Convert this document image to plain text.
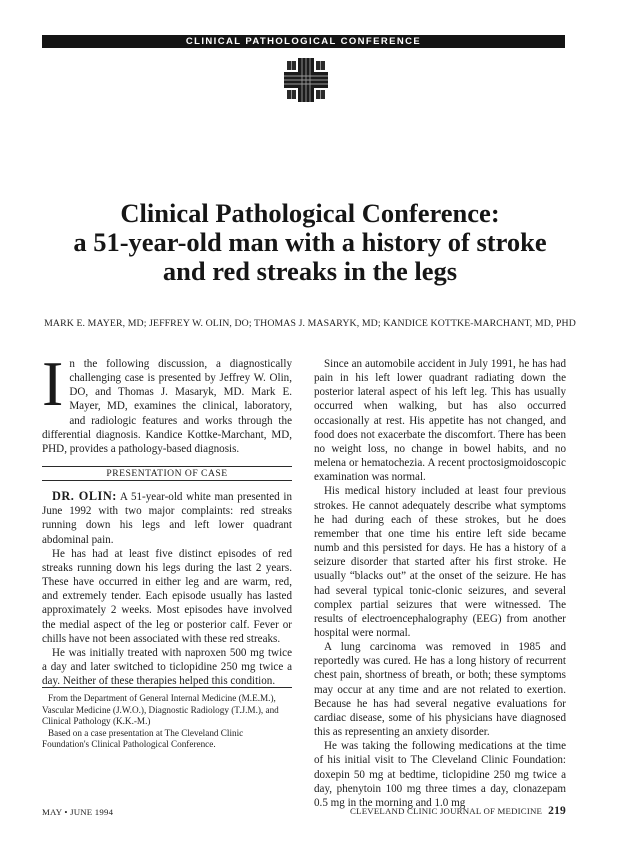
CLINICAL PATHOLOGICAL CONFERENCE
Clinical Pathological Conference:
a 51-year-old man with a history of stroke
and red streaks in the legs
MARK E. MAYER, MD; JEFFREY W. OLIN, DO; THOMAS J. MASARYK, MD; KANDICE KOTTKE-MARCHANT, MD, PHD

In the following discussion, a diagnostically challenging case is presented by Jeffrey W. Olin, DO, and Thomas J. Masaryk, MD. Mark E. Mayer, MD, examines the clinical, laboratory, and radiologic features and works through the differential diagnosis. Kandice Kottke-Marchant, MD, PHD, provides a pathology-based diagnosis.

PRESENTATION OF CASE

DR. OLIN: A 51-year-old white man presented in June 1992 with two major complaints: red streaks running down his legs and left lower quadrant abdominal pain.

He has had at least five distinct episodes of red streaks running down his legs during the last 2 years. These have occurred in either leg and are warm, red, and extremely tender. Each episode usually has lasted approximately 2 weeks. Most episodes have involved the medial aspect of the leg or posterior calf. Fever or chills have not been associated with these red streaks.

He was initially treated with naproxen 500 mg twice a day and later switched to ticlopidine 250 mg twice a day. Neither of these therapies helped this condition.

From the Department of General Internal Medicine (M.E.M.), Vascular Medicine (J.W.O.), Diagnostic Radiology (T.J.M.), and Clinical Pathology (K.K.-M.)

Based on a case presentation at The Cleveland Clinic Foundation's Clinical Pathological Conference.

Since an automobile accident in July 1991, he has had pain in his left lower quadrant radiating down the posterior lateral aspect of his left leg. This has usually occurred when walking, but has also occurred occasionally at rest. His appetite has not changed, and food does not exacerbate the discomfort. There has been no weight loss, no change in bowel habits, and no melena or hematochezia. A recent proctosigmoidoscopic examination was normal.

His medical history included at least four previous strokes. He cannot adequately describe what symptoms he had during each of these strokes, but he does remember that one time his entire left side became numb and this persisted for days. He has a history of a seizure disorder that started after his first stroke. He usually “blacks out” at the onset of the seizure. He has had several typical tonic-clonic seizures, and several complex partial seizures that were witnessed. The results of electroencephalography (EEG) from another hospital were normal.

A lung carcinoma was removed in 1985 and reportedly was cured. He has a long history of recurrent chest pain, shortness of breath, or both; these symptoms may occur at any time and are not related to exertion. Because he has had several negative evaluations for cardiac disease, some of his physicians have diagnosed this as representing an anxiety disorder.

He was taking the following medications at the time of his initial visit to The Cleveland Clinic Foundation: doxepin 50 mg at bedtime, ticlopidine 250 mg twice a day, phenytoin 100 mg three times a day, clonazepam 0.5 mg in the morning and 1.0 mg

MAY • JUNE 1994	CLEVELAND CLINIC JOURNAL OF MEDICINE 219
